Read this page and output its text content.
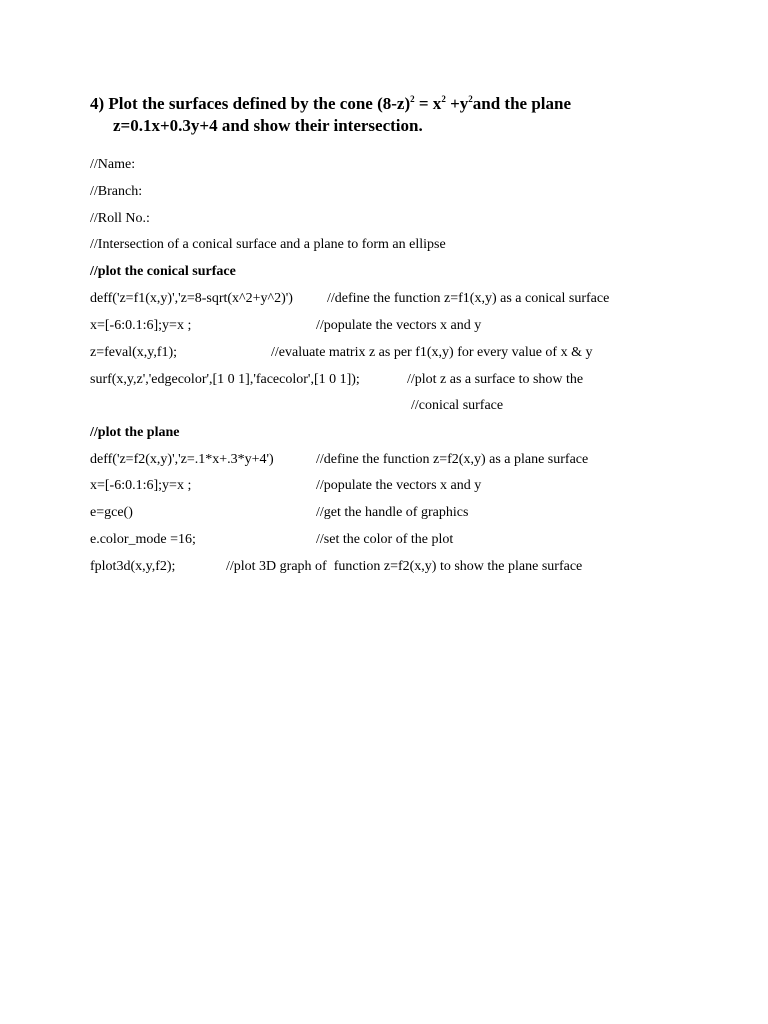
4) Plot the surfaces defined by the cone $(8-z)^2 = x^2 +y^2and$ the plane
z=0.1x+0.3y+4 and show their intersection.
//Name:
//Branch:
//Roll No.:
//Intersection of a conical surface and a plane to form an ellipse
//plot the conical surface
deff('z=f1(x,y)','z=8-sqrt(x^2+y^2)') //define the function z=f1(x,y) as a conical surface
x=[-6:0.1:6];y=x ;	//populate the vectors x and y
z=feval(x,y,f1);	//evaluate matrix z as per f1(x,y) for every value of x & y
surf(x,y,z','edgecolor',[1 0 1],'facecolor',[1 0 1]);	//plot z as a surface to show the
//conical surface
//plot the plane
deff('z=f2(x,y)','z=.1*x+.3*y+4')	//define the function z=f2(x,y) as a plane surface
x=[-6:0.1:6];y=x ;	//populate the vectors x and y
e=gce()	//get the handle of graphics
e.color_mode =16;	//set the color of the plot
fplot3d(x,y,f2);	//plot 3D graph of  function z=f2(x,y) to show the plane surface
